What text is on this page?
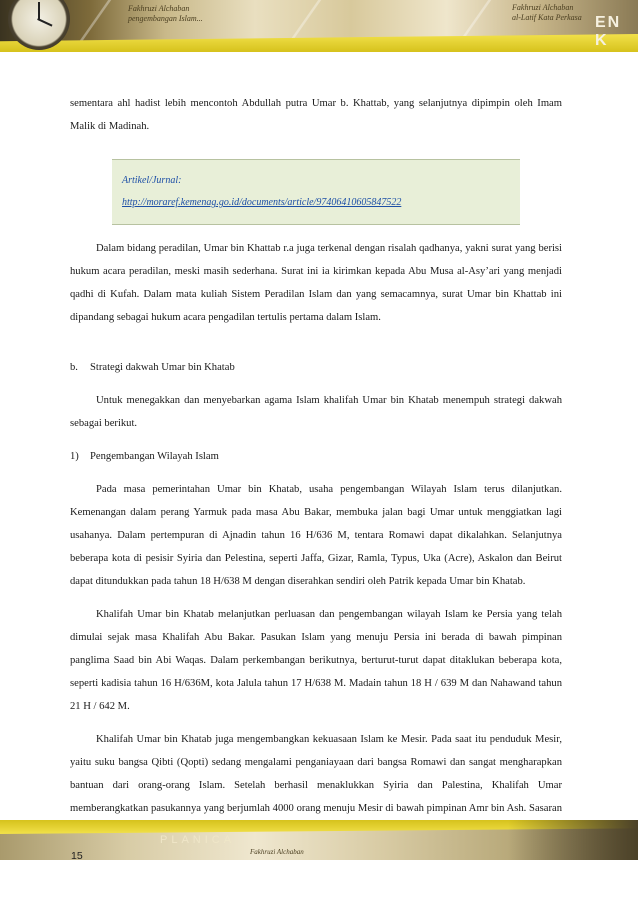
Fakhruzi Alchaban
pengembangan Islam...
Fakhruzi Alchaban
al-Latif Kata Perkasa EN K

sementara ahl hadist lebih mencontoh Abdullah putra Umar b. Khattab, yang selanjutnya dipimpin oleh Imam Malik di Madinah.

Artikel/Jurnal:
http://moraref.kemenag.go.id/documents/article/97406410605847522

Dalam bidang peradilan, Umar bin Khattab r.a juga terkenal dengan risalah qadhanya, yakni surat yang berisi hukum acara peradilan, meski masih sederhana. Surat ini ia kirimkan kepada Abu Musa al-Asy’ari yang menjadi qadhi di Kufah. Dalam mata kuliah Sistem Peradilan Islam dan yang semacamnya, surat Umar bin Khattab ini dipandang sebagai hukum acara pengadilan tertulis pertama dalam Islam.

b. Strategi dakwah Umar bin Khatab

Untuk menegakkan dan menyebarkan agama Islam khalifah Umar bin Khatab menempuh strategi dakwah sebagai berikut.

1) Pengembangan Wilayah Islam

Pada masa pemerintahan Umar bin Khatab, usaha pengembangan Wilayah Islam terus dilanjutkan. Kemenangan dalam perang Yarmuk pada masa Abu Bakar, membuka jalan bagi Umar untuk menggiatkan lagi usahanya. Dalam pertempuran di Ajnadin tahun 16 H/636 M, tentara Romawi dapat dikalahkan. Selanjutnya beberapa kota di pesisir Syiria dan Pelestina, seperti Jaffa, Gizar, Ramla, Typus, Uka (Acre), Askalon dan Beirut dapat ditundukkan pada tahun 18 H/638 M dengan diserahkan sendiri oleh Patrik kepada Umar bin Khatab.

Khalifah Umar bin Khatab melanjutkan perluasan dan pengembangan wilayah Islam ke Persia yang telah dimulai sejak masa Khalifah Abu Bakar. Pasukan Islam yang menuju Persia ini berada di bawah pimpinan panglima Saad bin Abi Waqas. Dalam perkembangan berikutnya, berturut-turut dapat ditaklukan beberapa kota, seperti kadisia tahun 16 H/636M, kota Jalula tahun 17 H/638 M. Madain tahun 18 H / 639 M dan Nahawand tahun 21 H / 642 M.

Khalifah Umar bin Khatab juga mengembangkan kekuasaan Islam ke Mesir. Pada saat itu penduduk Mesir, yaitu suku bangsa Qibti (Qopti) sedang mengalami penganiayaan dari bangsa Romawi dan sangat mengharapkan bantuan dari orang-orang Islam. Setelah berhasil menaklukkan Syiria dan Palestina, Khalifah Umar memberangkatkan pasukannya yang berjumlah 4000 orang menuju Mesir di bawah pimpinan Amr bin Ash. Sasaran

PLANICA
Fakhruzi Alchaban
15
